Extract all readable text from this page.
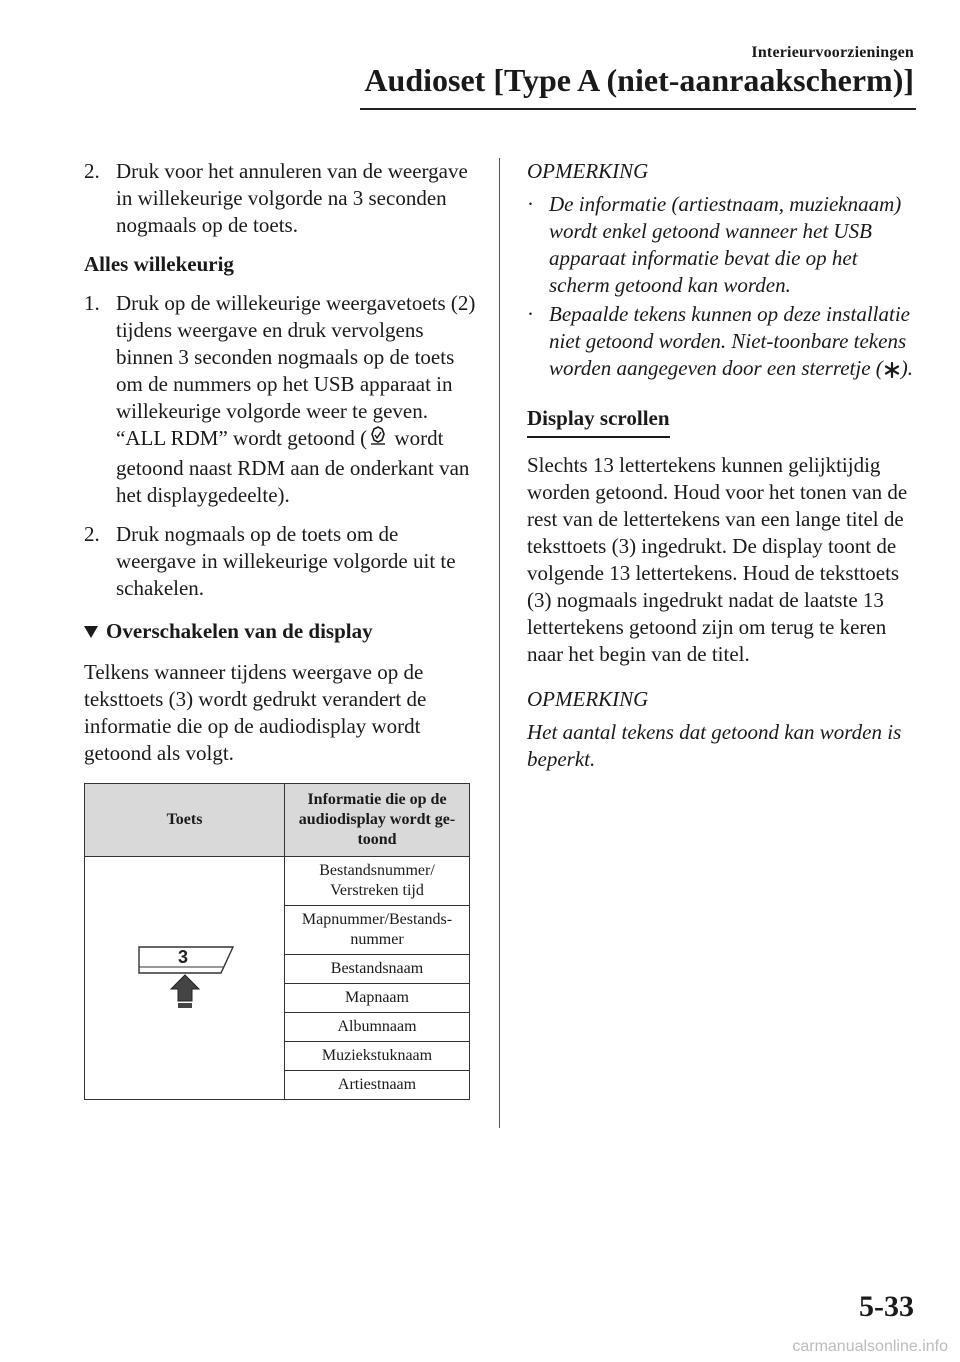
Interieurvoorzieningen
Audioset [Type A (niet-aanraakscherm)]
2. Druk voor het annuleren van de weergave in willekeurige volgorde na 3 seconden nogmaals op de toets.
Alles willekeurig
1. Druk op de willekeurige weergavetoets (2) tijdens weergave en druk vervolgens binnen 3 seconden nogmaals op de toets om de nummers op het USB apparaat in willekeurige volgorde weer te geven. “ALL RDM” wordt getoond ( wordt getoond naast RDM aan de onderkant van het displaygedeelte).
2. Druk nogmaals op de toets om de weergave in willekeurige volgorde uit te schakelen.
Overschakelen van de display
Telkens wanneer tijdens weergave op de teksttoets (3) wordt gedrukt verandert de informatie die op de audiodisplay wordt getoond als volgt.
Toets	Informatie die op de audiodisplay wordt ge-toond

3	Bestandsnummer/ Verstreken tijd
	Mapnummer/Bestands-nummer
	Bestandsnaam
	Mapnaam
	Albumnaam
	Muziekstuknaam
	Artiestnaam
OPMERKING
· De informatie (artiestnaam, muzieknaam) wordt enkel getoond wanneer het USB apparaat informatie bevat die op het scherm getoond kan worden.
· Bepaalde tekens kunnen op deze installatie niet getoond worden. Niet-toonbare tekens worden aangegeven door een sterretje ( ).
Display scrollen
Slechts 13 lettertekens kunnen gelijktijdig worden getoond. Houd voor het tonen van de rest van de lettertekens van een lange titel de teksttoets (3) ingedrukt. De display toont de volgende 13 lettertekens. Houd de teksttoets (3) nogmaals ingedrukt nadat de laatste 13 lettertekens getoond zijn om terug te keren naar het begin van de titel.
OPMERKING
Het aantal tekens dat getoond kan worden is beperkt.
5-33
carmanualsonline.info
